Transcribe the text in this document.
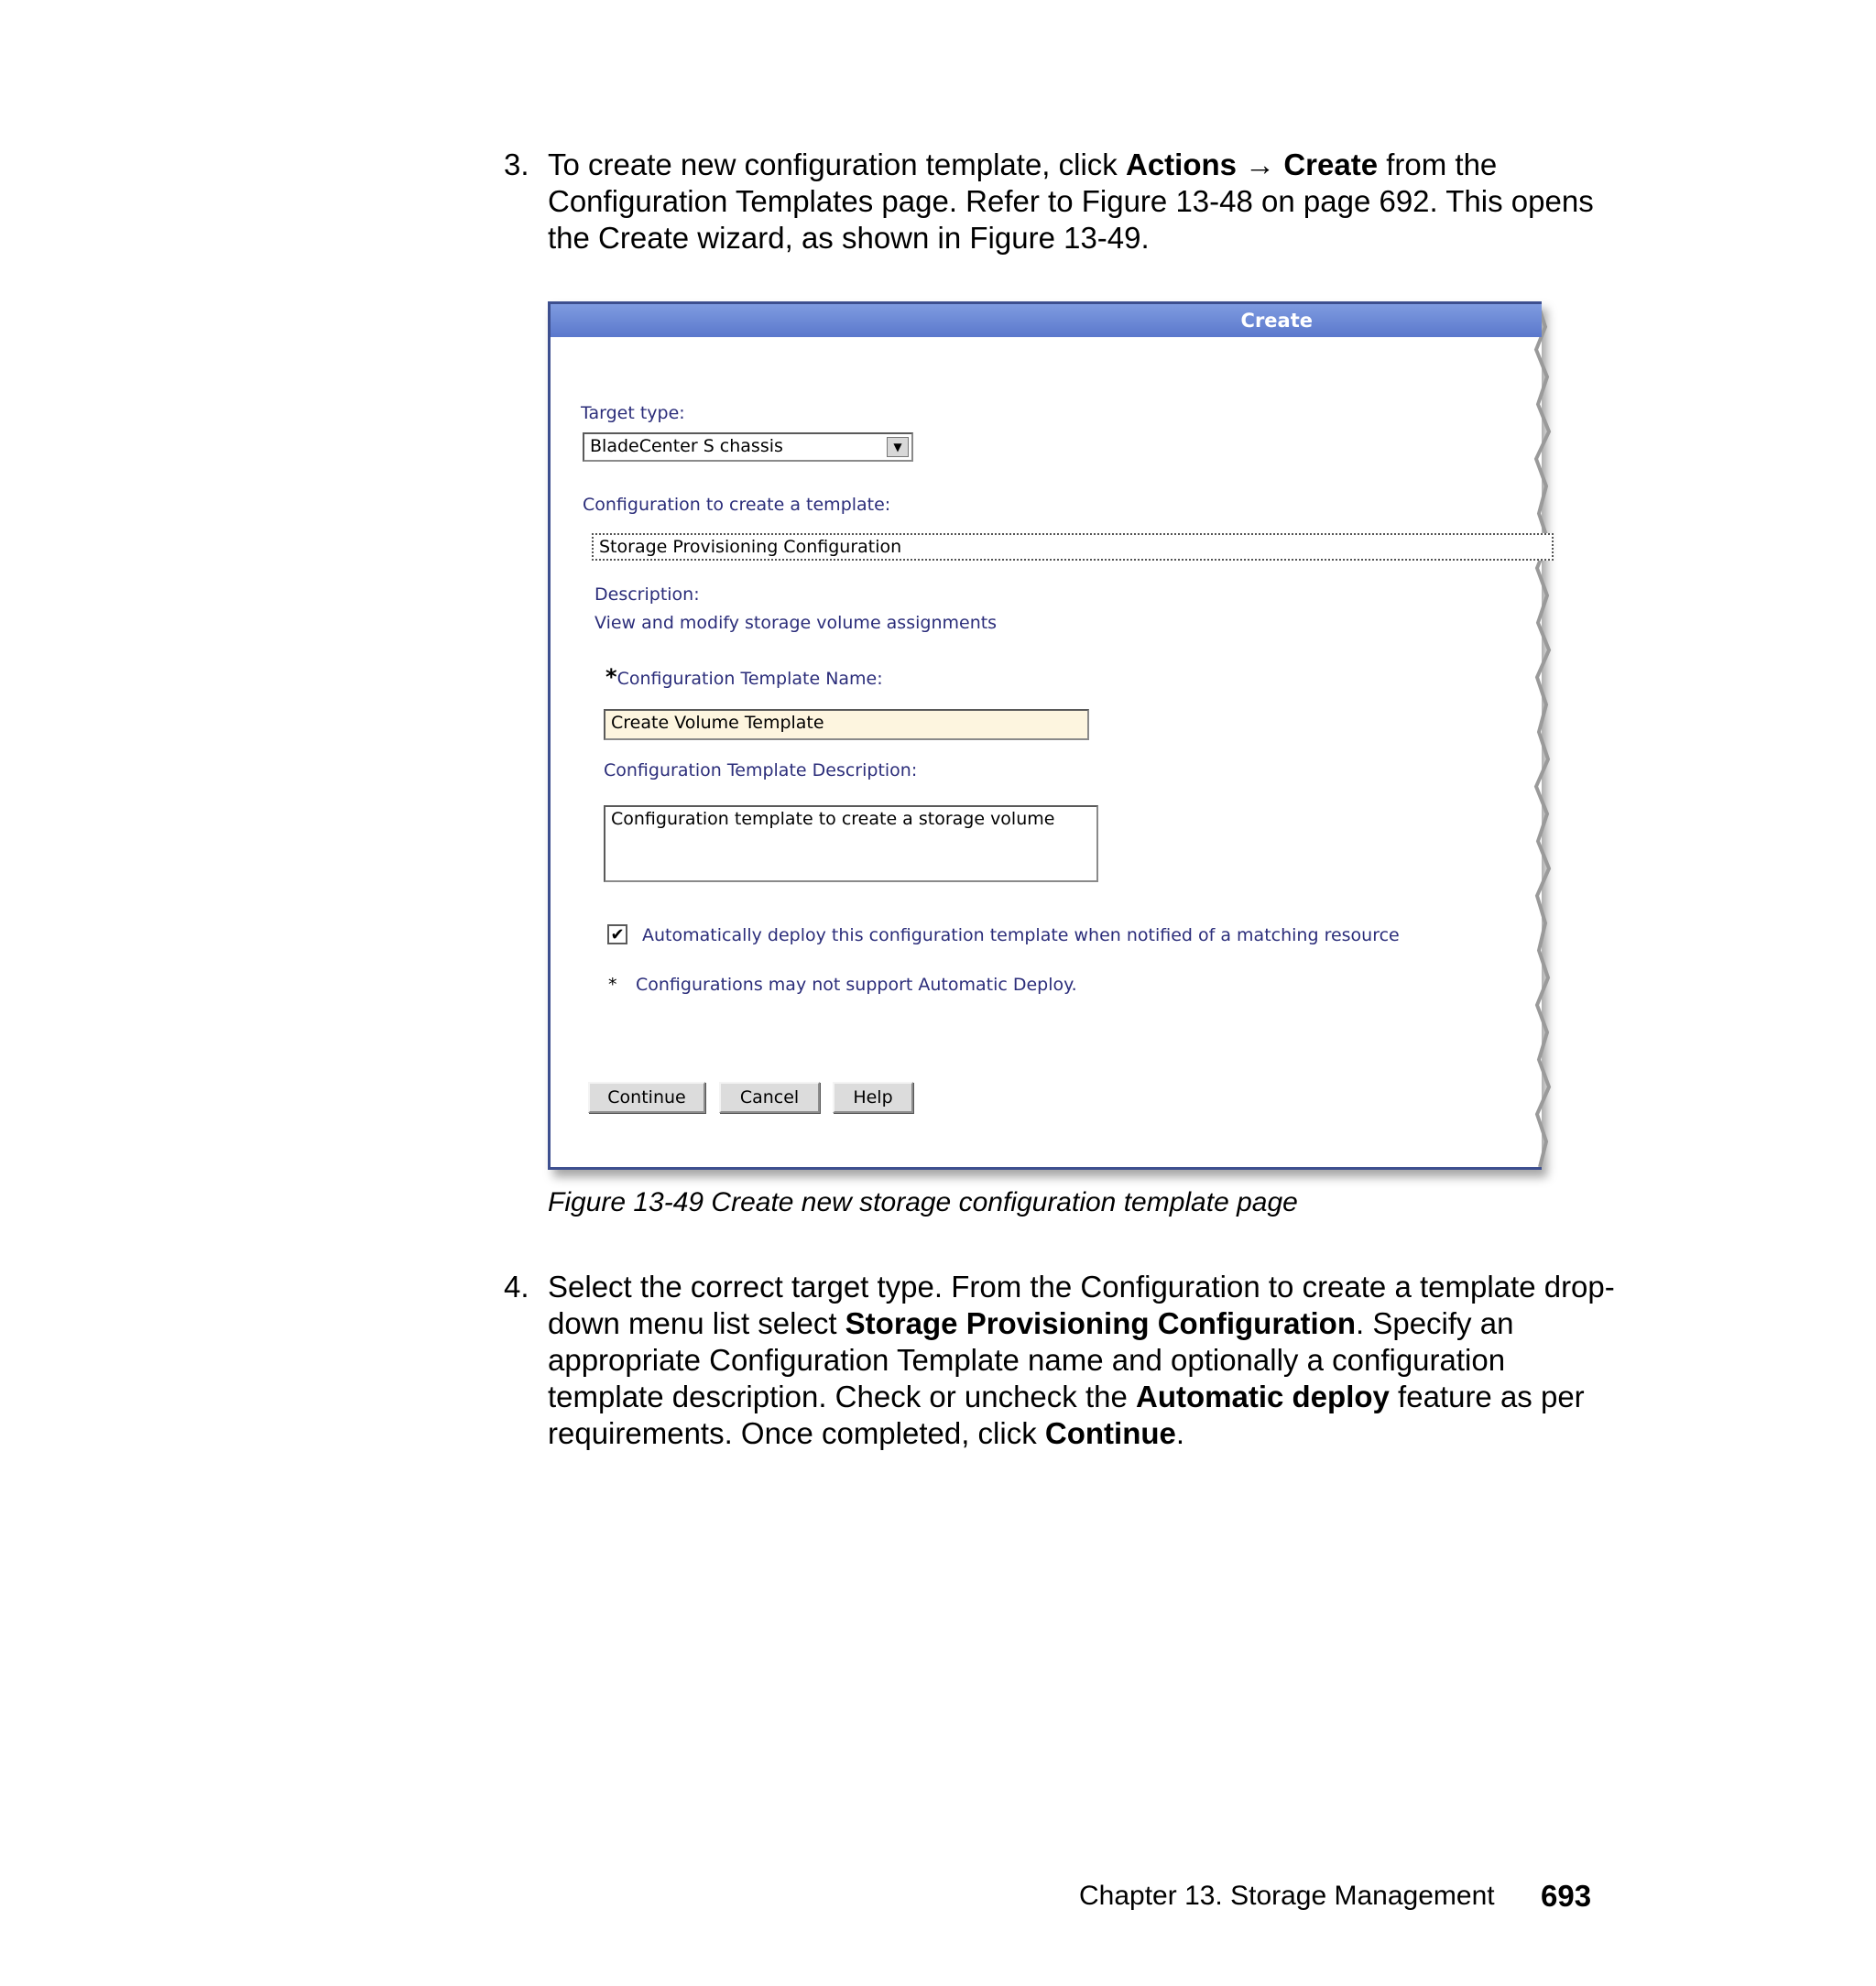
3. To create new configuration template, click Actions → Create from the Configuration Templates page. Refer to Figure 13-48 on page 692. This opens the Create wizard, as shown in Figure 13-49.
Create
Target type:
BladeCenter S chassis	▼
Configuration to create a template:
Storage Provisioning Configuration
Description:
View and modify storage volume assignments
*Configuration Template Name:
Create Volume Template
Configuration Template Description:
Configuration template to create a storage volume
✔ Automatically deploy this configuration template when notified of a matching resource
* Configurations may not support Automatic Deploy.
Continue	Cancel	Help
Figure 13-49 Create new storage configuration template page
4. Select the correct target type. From the Configuration to create a template drop-down menu list select Storage Provisioning Configuration. Specify an appropriate Configuration Template name and optionally a configuration template description. Check or uncheck the Automatic deploy feature as per requirements. Once completed, click Continue.
Chapter 13. Storage Management 693
